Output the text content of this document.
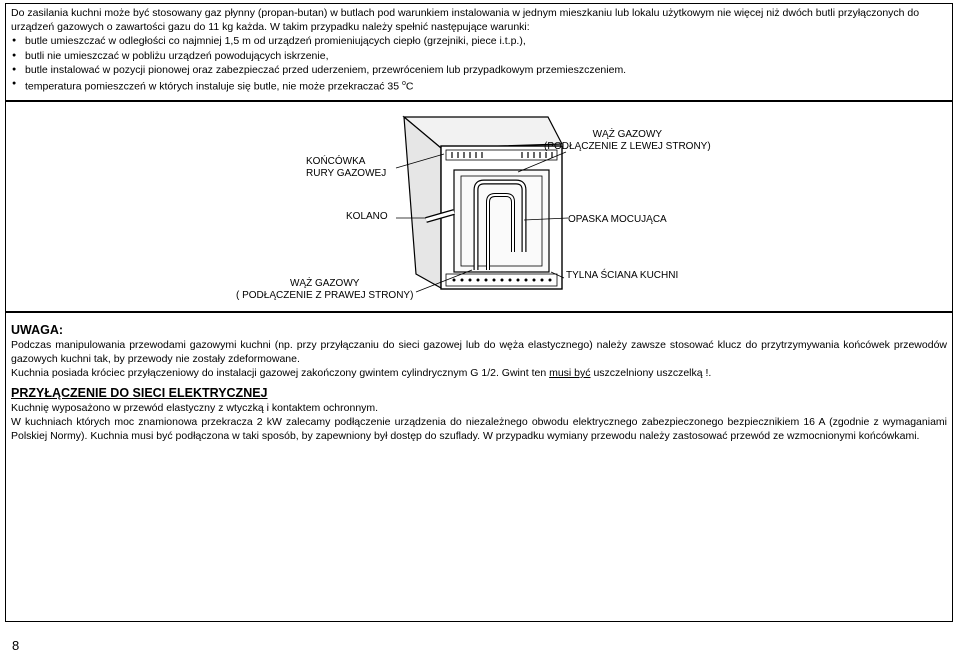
Do zasilania kuchni może być stosowany gaz płynny (propan-butan) w butlach pod warunkiem instalowania w jednym mieszkaniu lub lokalu użytkowym nie więcej niż dwóch butli przyłączonych do urządzeń gazowych o zawartości gazu do 11 kg każda. W takim przypadku należy spełnić następujące warunki:

● butle umieszczać w odległości co najmniej 1,5 m od urządzeń promieniujących ciepło (grzejniki, piece i.t.p.),
● butli nie umieszczać w pobliżu urządzeń powodujących iskrzenie,
● butle instalować w pozycji pionowej oraz zabezpieczać przed uderzeniem, przewróceniem lub przypadkowym przemieszczeniem.
● temperatura pomieszczeń w których instaluje się butle, nie może przekraczać 35 $^o$C
KOŃCÓWKA
RURY GAZOWEJ
KOLANO
WĄŻ GAZOWY
( PODŁĄCZENIE Z PRAWEJ STRONY)
WĄŻ GAZOWY
(PODŁĄCZENIE Z LEWEJ STRONY)
OPASKA MOCUJĄCA
TYLNA ŚCIANA KUCHNI

UWAGA:

Podczas manipulowania przewodami gazowymi kuchni (np. przy przyłączaniu do sieci gazowej lub do węża elastycznego) należy zawsze stosować klucz do przytrzymywania końcówek przewodów gazowych kuchni tak, by przewody nie zostały zdeformowane.

Kuchnia posiada króciec przyłączeniowy do instalacji gazowej zakończony gwintem cylindrycznym G 1/2. Gwint ten musi być uszczelniony uszczelką !.

PRZYŁĄCZENIE DO SIECI ELEKTRYCZNEJ

Kuchnię wyposażono w przewód elastyczny z wtyczką i kontaktem ochronnym.

W kuchniach których moc znamionowa przekracza 2 kW zalecamy podłączenie urządzenia do niezależnego obwodu elektrycznego zabezpieczonego bezpiecznikiem 16 A (zgodnie z wymaganiami Polskiej Normy). Kuchnia musi być podłączona w taki sposób, by zapewniony był dostęp do szuflady. W przypadku wymiany przewodu należy zastosować przewód ze wzmocnionymi końcówkami.

8
